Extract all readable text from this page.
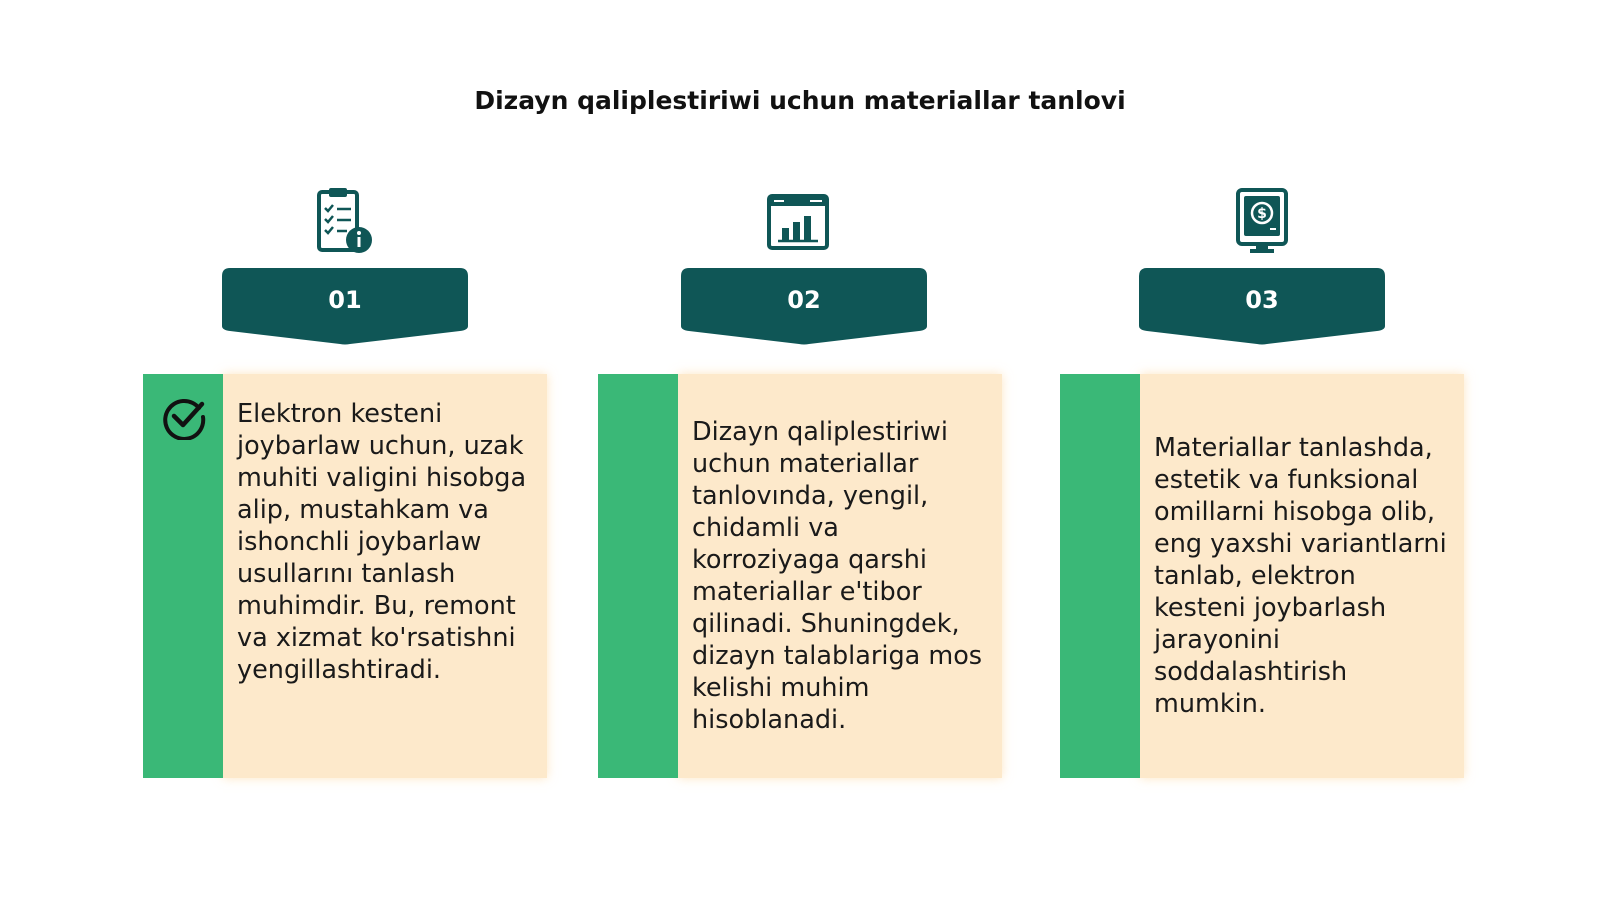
Dizayn qaliplestiriwi uchun materiallar tanlovi
01
Elektron kesteni joybarlaw uchun, uzak muhiti valigini hisobga alip, mustahkam va ishonchli joybarlaw usullarını tanlash muhimdir. Bu, remont va xizmat ko'rsatishni yengillashtiradi.
02
Dizayn qaliplestiriwi uchun materiallar tanlovında, yengil, chidamli va korroziyaga qarshi materiallar e'tibor qilinadi. Shuningdek, dizayn talablariga mos kelishi muhim hisoblanadi.
$
03
Materiallar tanlashda, estetik va funksional omillarni hisobga olib, eng yaxshi variantlarni tanlab, elektron kesteni joybarlash jarayonini soddalashtirish mumkin.
